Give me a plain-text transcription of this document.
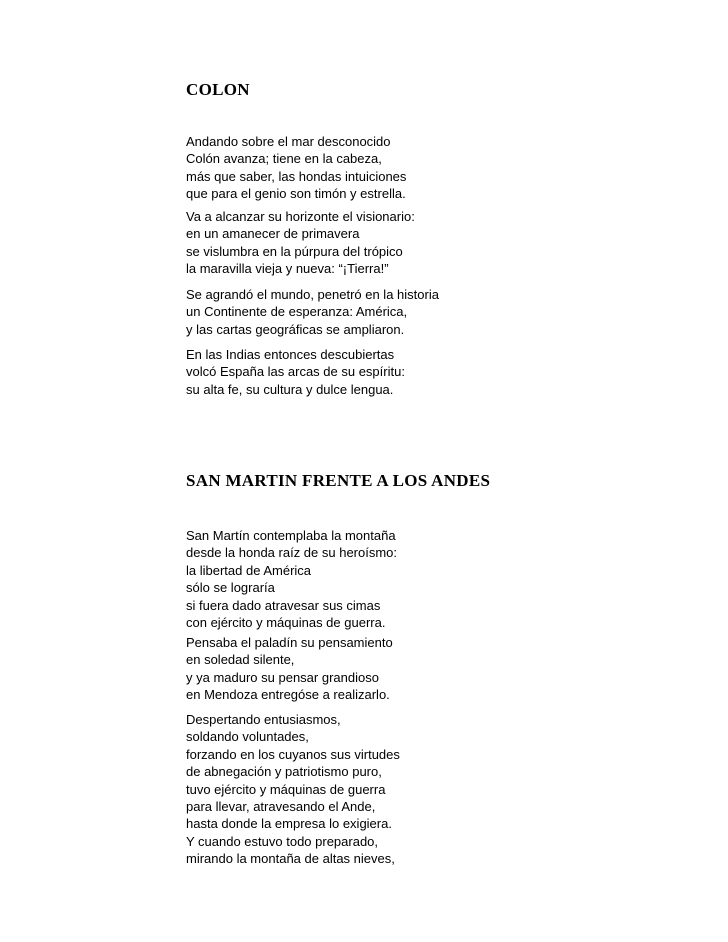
COLON

Andando sobre el mar desconocido
Colón avanza; tiene en la cabeza,
más que saber, las hondas intuiciones
que para el genio son timón y estrella.

Va a alcanzar su horizonte el visionario:
en un amanecer de primavera
se vislumbra en la púrpura del trópico
la maravilla vieja y nueva: “¡Tierra!”

Se agrandó el mundo, penetró en la historia
un Continente de esperanza: América,
y las cartas geográficas se ampliaron.

En las Indias entonces descubiertas
volcó España las arcas de su espíritu:
su alta fe, su cultura y dulce lengua.

SAN MARTIN FRENTE A LOS ANDES

San Martín contemplaba la montaña
desde la honda raíz de su heroísmo:
la libertad de América
sólo se lograría
si fuera dado atravesar sus cimas
con ejército y máquinas de guerra.

Pensaba el paladín su pensamiento
en soledad silente,
y ya maduro su pensar grandioso
en Mendoza entregóse a realizarlo.

Despertando entusiasmos,
soldando voluntades,
forzando en los cuyanos sus virtudes
de abnegación y patriotismo puro,
tuvo ejército y máquinas de guerra
para llevar, atravesando el Ande,
hasta donde la empresa lo exigiera.
Y cuando estuvo todo preparado,
mirando la montaña de altas nieves,
